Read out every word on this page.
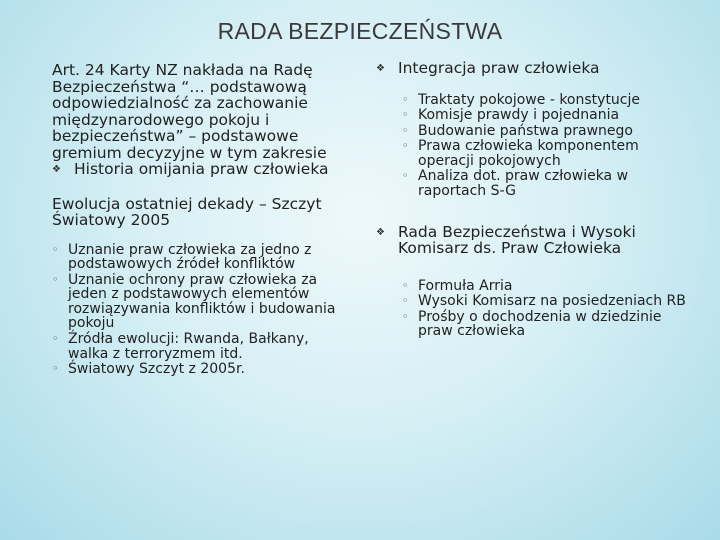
RADA BEZPIECZEŃSTWA

Art. 24 Karty NZ nakłada na Radę Bezpieczeństwa “… podstawową odpowiedzialność za zachowanie międzynarodowego pokoju i bezpieczeństwa” – podstawowe gremium decyzyjne w tym zakresie

❖ Historia omijania praw człowieka

Ewolucja ostatniej dekady – Szczyt Światowy 2005

◦ Uznanie praw człowieka za jedno z podstawowych źródeł konfliktów
◦ Uznanie ochrony praw człowieka za jeden z podstawowych elementów rozwiązywania konfliktów i budowania pokoju
◦ Źródła ewolucji: Rwanda, Bałkany, walka z terroryzmem itd.
◦ Światowy Szczyt z 2005r.
❖ Integracja praw człowieka
◦ Traktaty pokojowe - konstytucje
◦ Komisje prawdy i pojednania
◦ Budowanie państwa prawnego
◦ Prawa człowieka komponentem operacji pokojowych
◦ Analiza dot. praw człowieka w raportach S-G
❖ Rada Bezpieczeństwa i Wysoki Komisarz ds. Praw Człowieka
◦ Formuła Arria
◦ Wysoki Komisarz na posiedzeniach RB
◦ Prośby o dochodzenia w dziedzinie praw człowieka
